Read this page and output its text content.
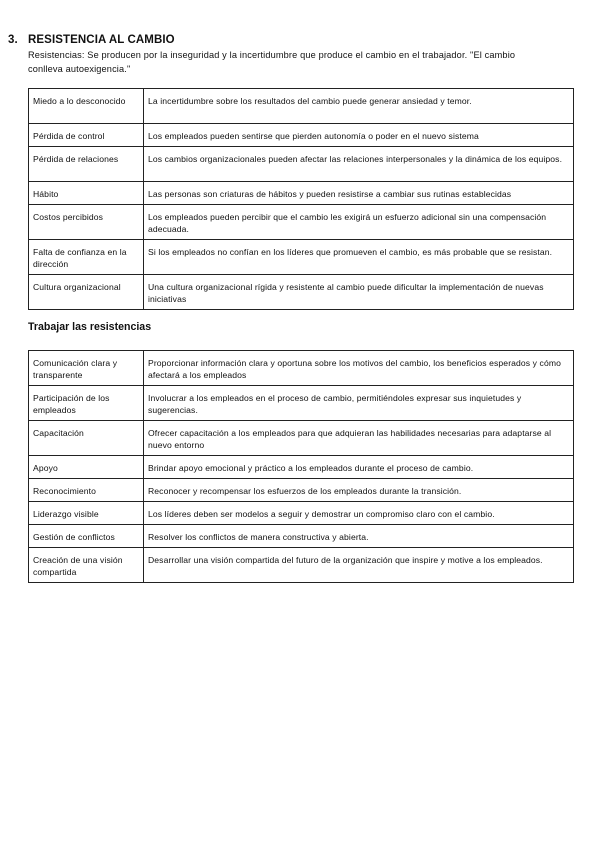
3. RESISTENCIA AL CAMBIO
Resistencias: Se producen por la inseguridad y la incertidumbre que produce el cambio en el trabajador. "El cambio conlleva autoexigencia."
Miedo a lo desconocido	La incertidumbre sobre los resultados del cambio puede generar ansiedad y temor.
Pérdida de control	Los empleados pueden sentirse que pierden autonomía o poder en el nuevo sistema
Pérdida de relaciones	Los cambios organizacionales pueden afectar las relaciones interpersonales y la dinámica de los equipos.
Hábito	Las personas son criaturas de hábitos y pueden resistirse a cambiar sus rutinas establecidas
Costos percibidos	Los empleados pueden percibir que el cambio les exigirá un esfuerzo adicional sin una compensación adecuada.
Falta de confianza en la dirección	Si los empleados no confían en los líderes que promueven el cambio, es más probable que se resistan.
Cultura organizacional	Una cultura organizacional rígida y resistente al cambio puede dificultar la implementación de nuevas iniciativas
Trabajar las resistencias
Comunicación clara y transparente	Proporcionar información clara y oportuna sobre los motivos del cambio, los beneficios esperados y cómo afectará a los empleados
Participación de los empleados	Involucrar a los empleados en el proceso de cambio, permitiéndoles expresar sus inquietudes y sugerencias.
Capacitación	Ofrecer capacitación a los empleados para que adquieran las habilidades necesarias para adaptarse al nuevo entorno
Apoyo	Brindar apoyo emocional y práctico a los empleados durante el proceso de cambio.
Reconocimiento	Reconocer y recompensar los esfuerzos de los empleados durante la transición.
Liderazgo visible	Los líderes deben ser modelos a seguir y demostrar un compromiso claro con el cambio.
Gestión de conflictos	Resolver los conflictos de manera constructiva y abierta.
Creación de una visión compartida	Desarrollar una visión compartida del futuro de la organización que inspire y motive a los empleados.
